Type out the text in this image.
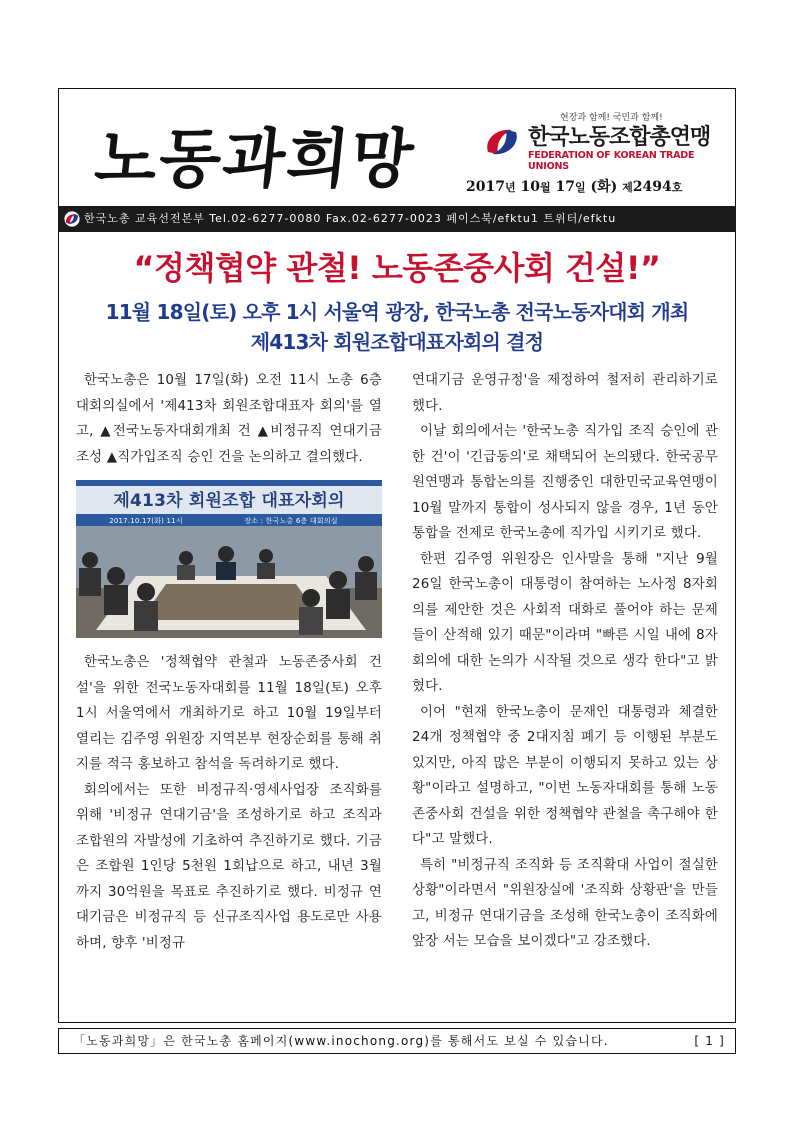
노동과희망
현장과 함께! 국민과 함께!
한국노동조합총연맹
FEDERATION OF KOREAN TRADE UNIONS
2017년 10월 17일 (화) 제2494호
한국노총 교육선전본부 Tel.02-6277-0080 Fax.02-6277-0023 페이스북/efktu1 트위터/efktu
“정책협약 관철! 노동존중사회 건설!”
11월 18일(토) 오후 1시 서울역 광장, 한국노총 전국노동자대회 개최
제413차 회원조합대표자회의 결정

한국노총은 10월 17일(화) 오전 11시 노총 6층 대회의실에서 '제413차 회원조합대표자 회의'를 열고, ▲전국노동자대회개최 건 ▲비정규직 연대기금 조성 ▲직가입조직 승인 건을 논의하고 결의했다.

제413차 회원조합 대표자회의
2017.10.17(화) 11시	장소 : 한국노총 6층 대회의실

한국노총은 '정책협약 관철과 노동존중사회 건설'을 위한 전국노동자대회를 11월 18일(토) 오후 1시 서울역에서 개최하기로 하고 10월 19일부터 열리는 김주영 위원장 지역본부 현장순회를 통해 취지를 적극 홍보하고 참석을 독려하기로 했다.

회의에서는 또한 비정규직·영세사업장 조직화를 위해 '비정규 연대기금'을 조성하기로 하고 조직과 조합원의 자발성에 기초하여 추진하기로 했다. 기금은 조합원 1인당 5천원 1회납으로 하고, 내년 3월까지 30억원을 목표로 추진하기로 했다. 비정규 연대기금은 비정규직 등 신규조직사업 용도로만 사용하며, 향후 '비정규

연대기금 운영규정'을 제정하여 철저히 관리하기로 했다.

이날 회의에서는 '한국노총 직가입 조직 승인에 관한 건'이 '긴급동의'로 채택되어 논의됐다. 한국공무원연맹과 통합논의를 진행중인 대한민국교육연맹이 10월 말까지 통합이 성사되지 않을 경우, 1년 동안 통합을 전제로 한국노총에 직가입 시키기로 했다.

한편 김주영 위원장은 인사말을 통해 "지난 9월 26일 한국노총이 대통령이 참여하는 노사정 8자회의를 제안한 것은 사회적 대화로 풀어야 하는 문제들이 산적해 있기 때문"이라며 "빠른 시일 내에 8자회의에 대한 논의가 시작될 것으로 생각 한다"고 밝혔다.

이어 "현재 한국노총이 문재인 대통령과 체결한 24개 정책협약 중 2대지침 폐기 등 이행된 부분도 있지만, 아직 많은 부분이 이행되지 못하고 있는 상황"이라고 설명하고, "이번 노동자대회를 통해 노동존중사회 건설을 위한 정책협약 관철을 촉구해야 한다"고 말했다.

특히 "비정규직 조직화 등 조직확대 사업이 절실한 상황"이라면서 "위원장실에 '조직화 상황판'을 만들고, 비정규 연대기금을 조성해 한국노총이 조직화에 앞장 서는 모습을 보이겠다"고 강조했다.

「노동과희망」은 한국노총 홈페이지(www.inochong.org)를 통해서도 보실 수 있습니다.	[ 1 ]
